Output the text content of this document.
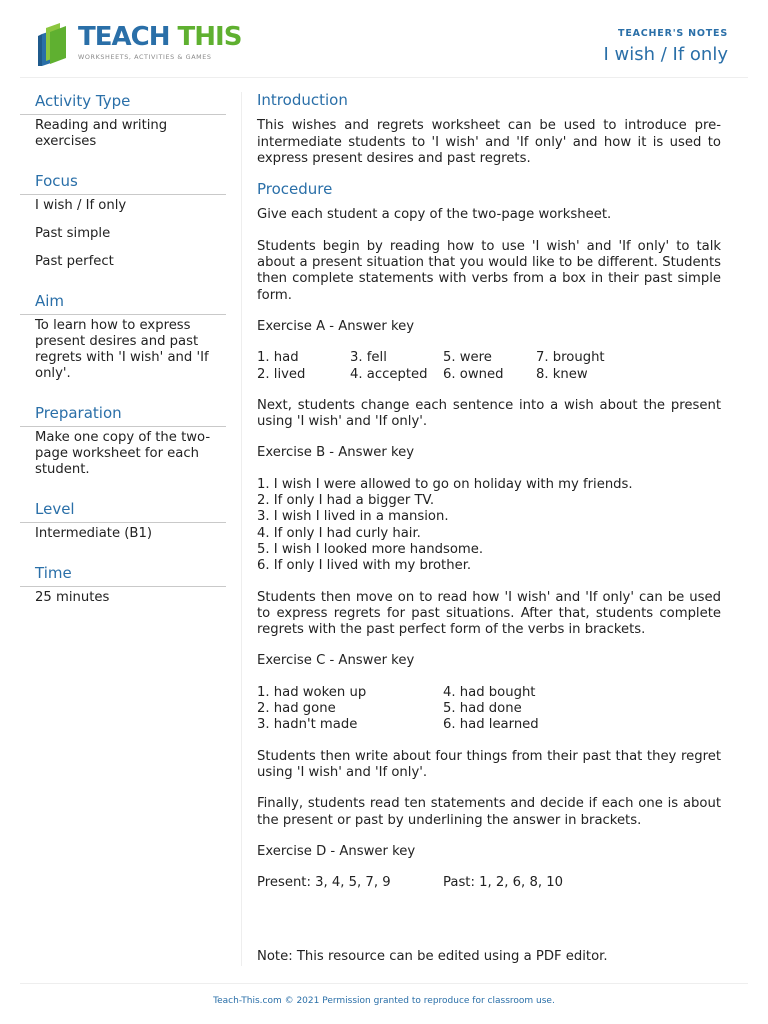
TEACH THIS
WORKSHEETS, ACTIVITIES & GAMES
TEACHER'S NOTES
I wish / If only
Activity Type
Reading and writing exercises
Focus
I wish / If only
Past simple
Past perfect
Aim
To learn how to express present desires and past regrets with 'I wish' and 'If only'.
Preparation
Make one copy of the two-page worksheet for each student.
Level
Intermediate (B1)
Time
25 minutes
Introduction

This wishes and regrets worksheet can be used to introduce pre-intermediate students to 'I wish' and 'If only' and how it is used to express present desires and past regrets.

Procedure

Give each student a copy of the two-page worksheet.

Students begin by reading how to use 'I wish' and 'If only' to talk about a present situation that you would like to be different. Students then complete statements with verbs from a box in their past simple form.

Exercise A - Answer key

1. had	3. fell	5. were	7. brought
2. lived	4. accepted	6. owned	8. knew

Next, students change each sentence into a wish about the present using 'I wish' and 'If only'.

Exercise B - Answer key

1. I wish I were allowed to go on holiday with my friends.
2. If only I had a bigger TV.
3. I wish I lived in a mansion.
4. If only I had curly hair.
5. I wish I looked more handsome.
6. If only I lived with my brother.

Students then move on to read how 'I wish' and 'If only' can be used to express regrets for past situations. After that, students complete regrets with the past perfect form of the verbs in brackets.

Exercise C - Answer key

1. had woken up	4. had bought
2. had gone	5. had done
3. hadn't made	6. had learned

Students then write about four things from their past that they regret using 'I wish' and 'If only'.

Finally, students read ten statements and decide if each one is about the present or past by underlining the answer in brackets.

Exercise D - Answer key

Present: 3, 4, 5, 7, 9	Past: 1, 2, 6, 8, 10
Note: This resource can be edited using a PDF editor.
Teach-This.com © 2021 Permission granted to reproduce for classroom use.
